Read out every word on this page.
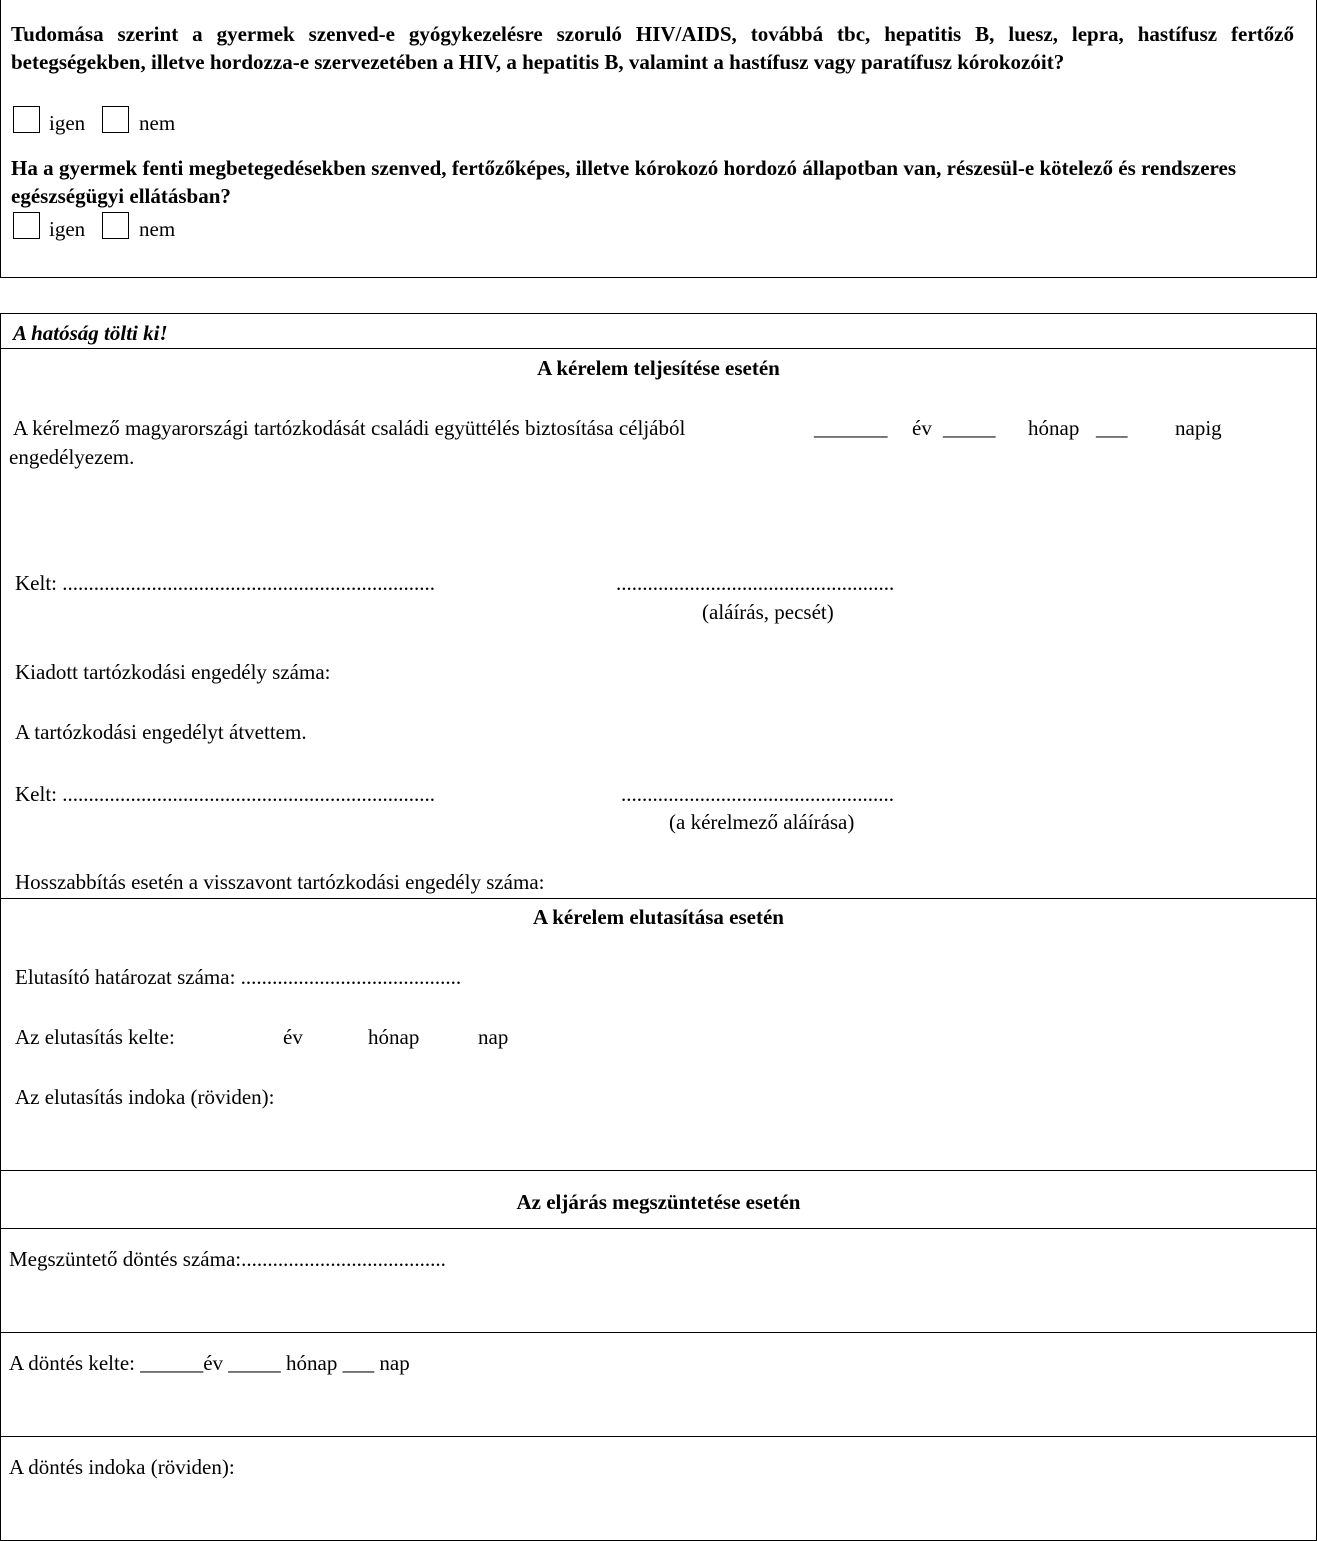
Tudomása szerint a gyermek szenved-e gyógykezelésre szoruló HIV/AIDS, továbbá tbc, hepatitis B, luesz, lepra, hastífusz fertőző betegségekben, illetve hordozza-e szervezetében a HIV, a hepatitis B, valamint a hastífusz vagy paratífusz kórokozóit?
igen	nem
Ha a gyermek fenti megbetegedésekben szenved, fertőzőképes, illetve kórokozó hordozó állapotban van, részesül-e kötelező és rendszeres egészségügyi ellátásban?
igen	nem
A hatóság tölti ki!
A kérelem teljesítése esetén
A kérelmező magyarországi tartózkodását családi együttélés biztosítása céljából	_______ év _____ hónap ___ napig
engedélyezem.
Kelt: .......................................................................	.....................................................
(aláírás, pecsét)
Kiadott tartózkodási engedély száma:
A tartózkodási engedélyt átvettem.
Kelt: .......................................................................	....................................................
(a kérelmező aláírása)
Hosszabbítás esetén a visszavont tartózkodási engedély száma:
A kérelem elutasítása esetén
Elutasító határozat száma: ..........................................
Az elutasítás kelte:	év	hónap	nap
Az elutasítás indoka (röviden):
Az eljárás megszüntetése esetén
Megszüntető döntés száma:.......................................
A döntés kelte: ______év _____ hónap ___ nap
A döntés indoka (röviden):
